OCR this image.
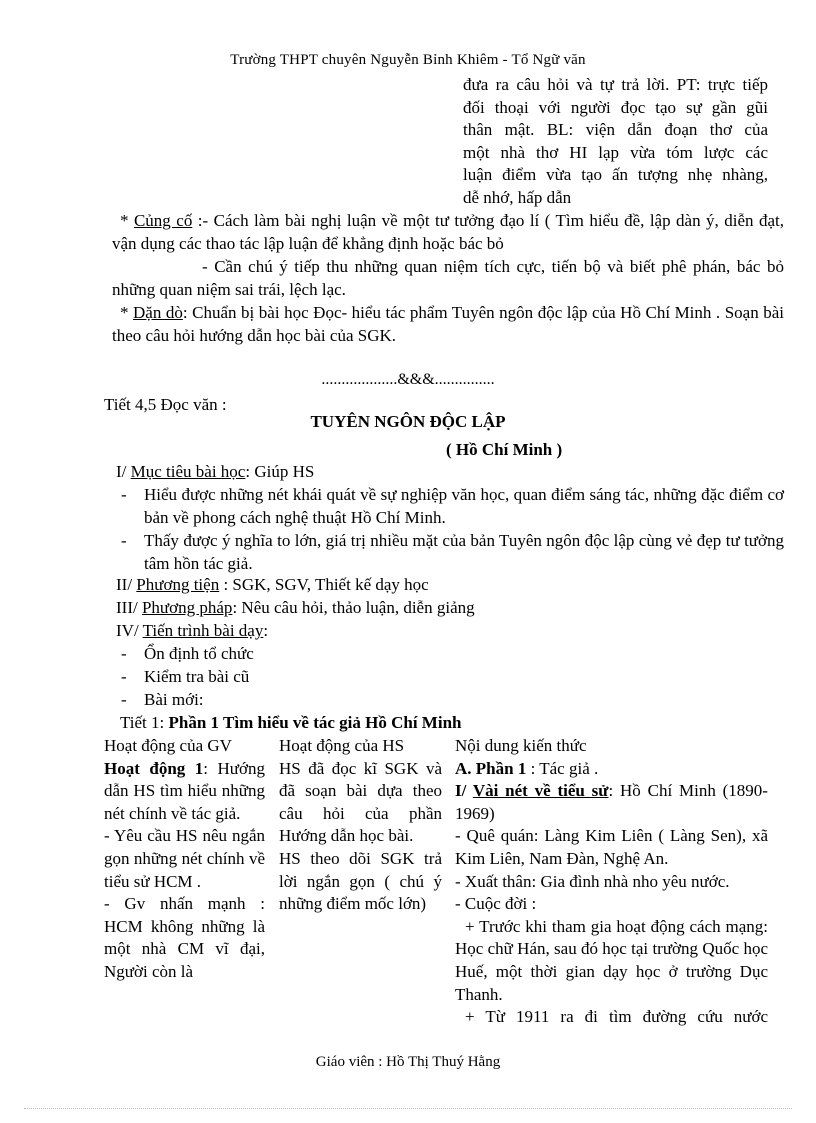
Trường THPT chuyên Nguyễn Bỉnh Khiêm - Tổ Ngữ văn
đưa ra câu hỏi và tự trả lời. PT: trực tiếp
đối thoại với người đọc tạo sự gần gũi
thân mật. BL: viện dẫn đoạn thơ của
một nhà thơ HI lạp vừa tóm lược các
luận điểm vừa tạo ấn tượng nhẹ nhàng,
dễ nhớ, hấp dẫn
* Củng cố :- Cách làm bài nghị luận về một tư tưởng đạo lí ( Tìm hiểu đề, lập dàn ý, diễn đạt, vận dụng các thao tác lập luận để khẳng định hoặc bác bỏ
- Cần chú ý tiếp thu những quan niệm tích cực, tiến bộ và biết phê phán, bác bỏ những quan niệm sai trái, lệch lạc.
* Dặn dò: Chuẩn bị bài học Đọc- hiểu tác phẩm Tuyên ngôn độc lập của Hồ Chí Minh . Soạn bài theo câu hỏi hướng dẫn học bài của SGK.
...................&&&...............
Tiết 4,5 Đọc văn :
TUYÊN NGÔN ĐỘC LẬP
( Hồ Chí Minh )
I/ Mục tiêu bài học: Giúp HS
- Hiểu được những nét khái quát về sự nghiệp văn học, quan điểm sáng tác, những đặc điểm cơ bản về phong cách nghệ thuật Hồ Chí Minh.
- Thấy được ý nghĩa to lớn, giá trị nhiều mặt của bản Tuyên ngôn độc lập cùng vẻ đẹp tư tưởng tâm hồn tác giả.
II/ Phương tiện : SGK, SGV, Thiết kế dạy học
III/ Phương pháp: Nêu câu hỏi, thảo luận, diễn giảng
IV/ Tiến trình bài dạy:
- Ổn định tổ chức
- Kiểm tra bài cũ
- Bài mới:
Tiết 1: Phần 1 Tìm hiểu về tác giả Hồ Chí Minh

Hoạt động của GV

Hoạt động 1: Hướng dẫn HS tìm hiểu những nét chính về tác giả.

- Yêu cầu HS nêu ngắn gọn những nét chính về tiểu sử HCM .

- Gv nhấn mạnh : HCM không những là một nhà CM vĩ đại, Người còn là

Hoạt động của HS

HS đã đọc kĩ SGK và đã soạn bài dựa theo câu hỏi của phần Hướng dẫn học bài.

HS theo dõi SGK trả lời ngắn gọn ( chú ý những điểm mốc lớn)

Nội dung kiến thức

A. Phần 1 : Tác giả .

I/ Vài nét về tiểu sử: Hồ Chí Minh (1890- 1969)

- Quê quán: Làng Kim Liên ( Làng Sen), xã Kim Liên, Nam Đàn, Nghệ An.

- Xuất thân: Gia đình nhà nho yêu nước.

- Cuộc đời :

+ Trước khi tham gia hoạt động cách mạng: Học chữ Hán, sau đó học tại trường Quốc học Huế, một thời gian dạy học ở trường Dục Thanh.

+ Từ 1911 ra đi tìm đường cứu nước

Giáo viên : Hồ Thị Thuý Hằng
